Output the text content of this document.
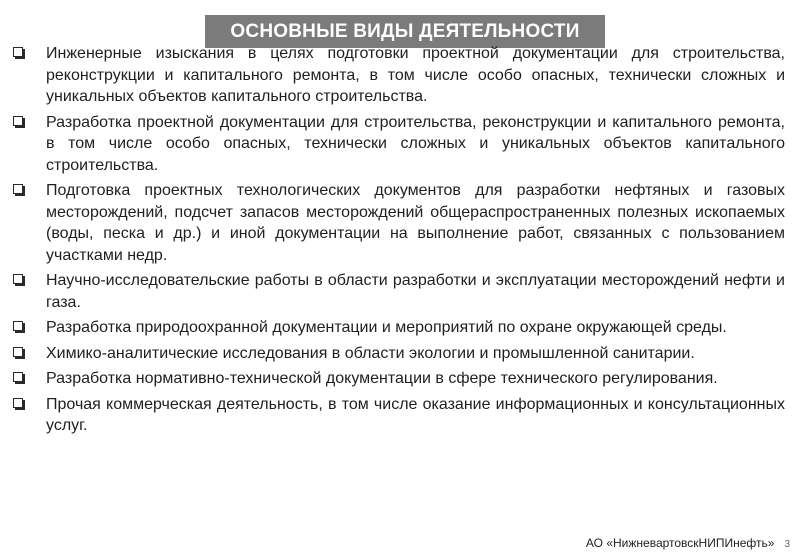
ОСНОВНЫЕ ВИДЫ ДЕЯТЕЛЬНОСТИ
Инженерные изыскания в целях подготовки проектной документации для строительства, реконструкции и капитального ремонта, в том числе особо опасных, технически сложных и уникальных объектов капитального строительства.
Разработка проектной документации для строительства, реконструкции и капитального ремонта, в том числе особо опасных, технически сложных и уникальных объектов капитального строительства.
Подготовка проектных технологических документов для разработки нефтяных и газовых месторождений, подсчет запасов месторождений общераспространенных полезных ископаемых (воды, песка и др.) и иной документации на выполнение работ, связанных с пользованием участками недр.
Научно-исследовательские работы в области разработки и эксплуатации месторождений нефти и газа.
Разработка природоохранной документации и мероприятий по охране окружающей среды.
Химико-аналитические исследования в области экологии и промышленной санитарии.
Разработка нормативно-технической документации в сфере технического регулирования.
Прочая коммерческая деятельность, в том числе оказание информационных и консультационных услуг.
АО «НижневартовскНИПИнефть» 3
